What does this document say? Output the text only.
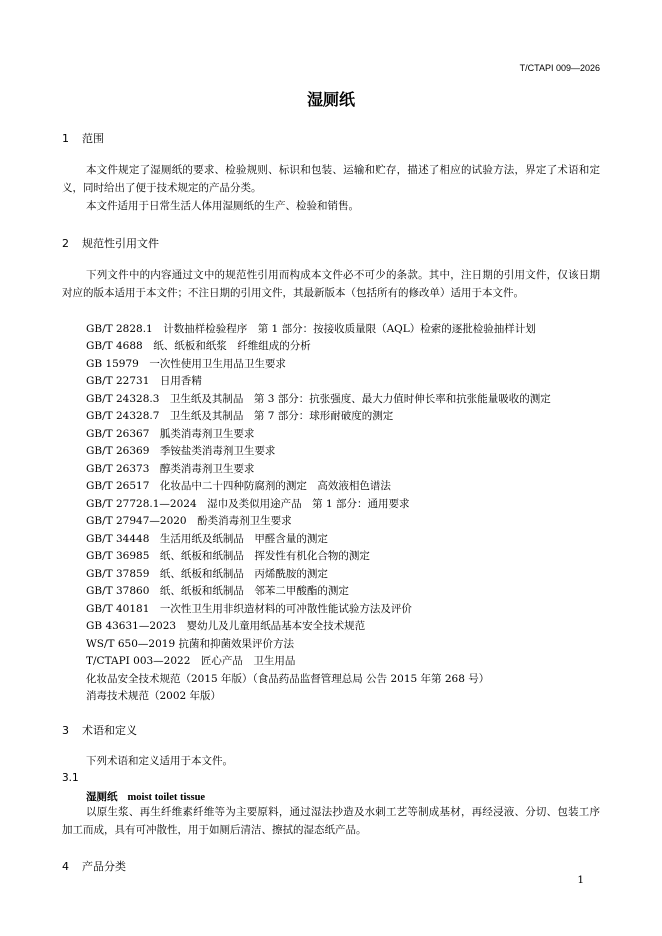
T/CTAPI 009—2026
湿厕纸
1 范围
本文件规定了湿厕纸的要求、检验规则、标识和包装、运输和贮存，描述了相应的试验方法，界定了术语和定义，同时给出了便于技术规定的产品分类。
本文件适用于日常生活人体用湿厕纸的生产、检验和销售。
2 规范性引用文件
下列文件中的内容通过文中的规范性引用而构成本文件必不可少的条款。其中，注日期的引用文件，仅该日期对应的版本适用于本文件；不注日期的引用文件，其最新版本（包括所有的修改单）适用于本文件。
GB/T 2828.1　计数抽样检验程序　第 1 部分：按接收质量限（AQL）检索的逐批检验抽样计划
GB/T 4688　纸、纸板和纸浆　纤维组成的分析
GB 15979　一次性使用卫生用品卫生要求
GB/T 22731　日用香精
GB/T 24328.3　卫生纸及其制品　第 3 部分：抗张强度、最大力值时伸长率和抗张能量吸收的测定
GB/T 24328.7　卫生纸及其制品　第 7 部分：球形耐破度的测定
GB/T 26367　胍类消毒剂卫生要求
GB/T 26369　季铵盐类消毒剂卫生要求
GB/T 26373　醇类消毒剂卫生要求
GB/T 26517　化妆品中二十四种防腐剂的测定　高效液相色谱法
GB/T 27728.1—2024　湿巾及类似用途产品　第 1 部分：通用要求
GB/T 27947—2020　酚类消毒剂卫生要求
GB/T 34448　生活用纸及纸制品　甲醛含量的测定
GB/T 36985　纸、纸板和纸制品　挥发性有机化合物的测定
GB/T 37859　纸、纸板和纸制品　丙烯酰胺的测定
GB/T 37860　纸、纸板和纸制品　邻苯二甲酸酯的测定
GB/T 40181　一次性卫生用非织造材料的可冲散性能试验方法及评价
GB 43631—2023　婴幼儿及儿童用纸品基本安全技术规范
WS/T 650—2019 抗菌和抑菌效果评价方法
T/CTAPI 003—2022　匠心产品　卫生用品
化妆品安全技术规范（2015 年版）（食品药品监督管理总局 公告 2015 年第 268 号）
消毒技术规范（2002 年版）
3 术语和定义
下列术语和定义适用于本文件。
3.1
湿厕纸 moist toilet tissue
以原生浆、再生纤维素纤维等为主要原料，通过湿法抄造及水刺工艺等制成基材，再经浸液、分切、包装工序加工而成，具有可冲散性，用于如厕后清洁、擦拭的湿态纸产品。
4 产品分类
1
